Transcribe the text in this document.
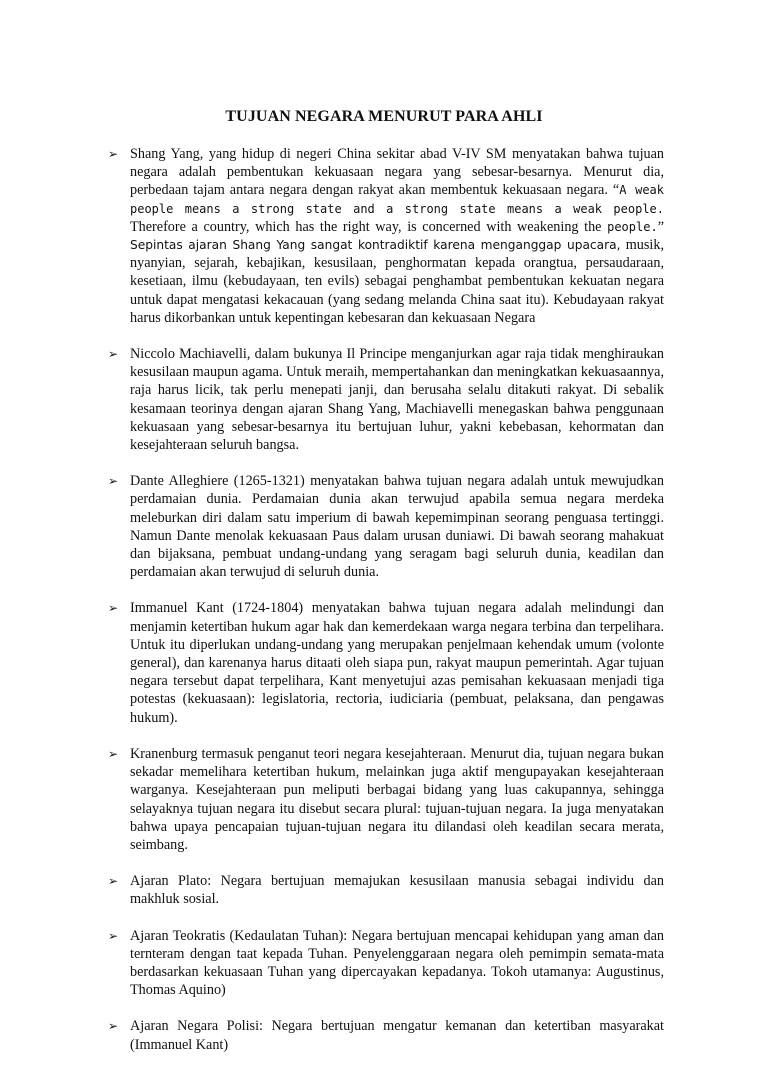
TUJUAN NEGARA MENURUT PARA AHLI
➢ Shang Yang, yang hidup di negeri China sekitar abad V-IV SM menyatakan bahwa tujuan negara adalah pembentukan kekuasaan negara yang sebesar-besarnya. Menurut dia, perbedaan tajam antara negara dengan rakyat akan membentuk kekuasaan negara. “A weak people means a strong state and a strong state means a weak people. Therefore a country, which has the right way, is concerned with weakening the people.” Sepintas ajaran Shang Yang sangat kontradiktif karena menganggap upacara, musik, nyanyian, sejarah, kebajikan, kesusilaan, penghormatan kepada orangtua, persaudaraan, kesetiaan, ilmu (kebudayaan, ten evils) sebagai penghambat pembentukan kekuatan negara untuk dapat mengatasi kekacauan (yang sedang melanda China saat itu). Kebudayaan rakyat harus dikorbankan untuk kepentingan kebesaran dan kekuasaan Negara
➢ Niccolo Machiavelli, dalam bukunya Il Principe menganjurkan agar raja tidak menghiraukan kesusilaan maupun agama. Untuk meraih, mempertahankan dan meningkatkan kekuasaannya, raja harus licik, tak perlu menepati janji, dan berusaha selalu ditakuti rakyat. Di sebalik kesamaan teorinya dengan ajaran Shang Yang, Machiavelli menegaskan bahwa penggunaan kekuasaan yang sebesar-besarnya itu bertujuan luhur, yakni kebebasan, kehormatan dan kesejahteraan seluruh bangsa.
➢ Dante Alleghiere (1265-1321) menyatakan bahwa tujuan negara adalah untuk mewujudkan perdamaian dunia. Perdamaian dunia akan terwujud apabila semua negara merdeka meleburkan diri dalam satu imperium di bawah kepemimpinan seorang penguasa tertinggi. Namun Dante menolak kekuasaan Paus dalam urusan duniawi. Di bawah seorang mahakuat dan bijaksana, pembuat undang-undang yang seragam bagi seluruh dunia, keadilan dan perdamaian akan terwujud di seluruh dunia.
➢ Immanuel Kant (1724-1804) menyatakan bahwa tujuan negara adalah melindungi dan menjamin ketertiban hukum agar hak dan kemerdekaan warga negara terbina dan terpelihara. Untuk itu diperlukan undang-undang yang merupakan penjelmaan kehendak umum (volonte general), dan karenanya harus ditaati oleh siapa pun, rakyat maupun pemerintah. Agar tujuan negara tersebut dapat terpelihara, Kant menyetujui azas pemisahan kekuasaan menjadi tiga potestas (kekuasaan): legislatoria, rectoria, iudiciaria (pembuat, pelaksana, dan pengawas hukum).
➢ Kranenburg termasuk penganut teori negara kesejahteraan. Menurut dia, tujuan negara bukan sekadar memelihara ketertiban hukum, melainkan juga aktif mengupayakan kesejahteraan warganya. Kesejahteraan pun meliputi berbagai bidang yang luas cakupannya, sehingga selayaknya tujuan negara itu disebut secara plural: tujuan-tujuan negara. Ia juga menyatakan bahwa upaya pencapaian tujuan-tujuan negara itu dilandasi oleh keadilan secara merata, seimbang.
➢ Ajaran Plato: Negara bertujuan memajukan kesusilaan manusia sebagai individu dan makhluk sosial.
➢ Ajaran Teokratis (Kedaulatan Tuhan): Negara bertujuan mencapai kehidupan yang aman dan ternteram dengan taat kepada Tuhan. Penyelenggaraan negara oleh pemimpin semata-mata berdasarkan kekuasaan Tuhan yang dipercayakan kepadanya. Tokoh utamanya: Augustinus, Thomas Aquino)
➢ Ajaran Negara Polisi: Negara bertujuan mengatur kemanan dan ketertiban masyarakat (Immanuel Kant)
